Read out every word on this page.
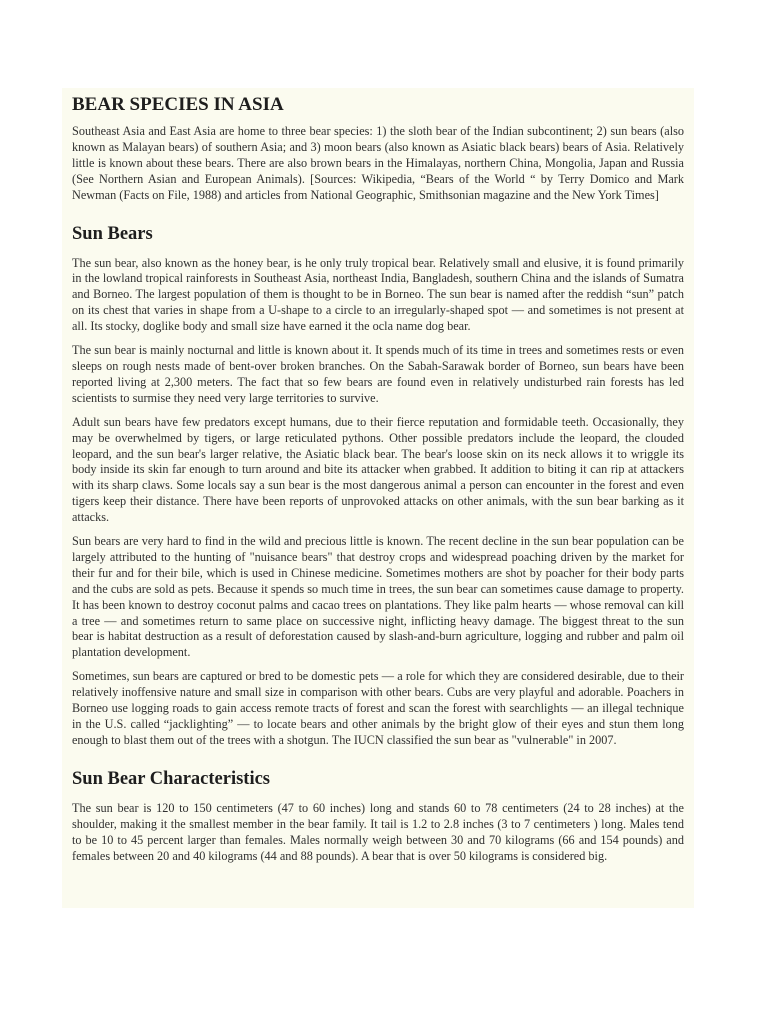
BEAR SPECIES IN ASIA

Southeast Asia and East Asia are home to three bear species: 1) the sloth bear of the Indian subcontinent; 2) sun bears (also known as Malayan bears) of southern Asia; and 3) moon bears (also known as Asiatic black bears) bears of Asia. Relatively little is known about these bears. There are also brown bears in the Himalayas, northern China, Mongolia, Japan and Russia (See Northern Asian and European Animals). [Sources: Wikipedia, “Bears of the World “ by Terry Domico and Mark Newman (Facts on File, 1988) and articles from National Geographic, Smithsonian magazine and the New York Times]

Sun Bears

The sun bear, also known as the honey bear, is he only truly tropical bear. Relatively small and elusive, it is found primarily in the lowland tropical rainforests in Southeast Asia, northeast India, Bangladesh, southern China and the islands of Sumatra and Borneo. The largest population of them is thought to be in Borneo. The sun bear is named after the reddish “sun” patch on its chest that varies in shape from a U-shape to a circle to an irregularly-shaped spot — and sometimes is not present at all. Its stocky, doglike body and small size have earned it the ocla name dog bear.

The sun bear is mainly nocturnal and little is known about it. It spends much of its time in trees and sometimes rests or even sleeps on rough nests made of bent-over broken branches. On the Sabah-Sarawak border of Borneo, sun bears have been reported living at 2,300 meters. The fact that so few bears are found even in relatively undisturbed rain forests has led scientists to surmise they need very large territories to survive.

Adult sun bears have few predators except humans, due to their fierce reputation and formidable teeth. Occasionally, they may be overwhelmed by tigers, or large reticulated pythons. Other possible predators include the leopard, the clouded leopard, and the sun bear's larger relative, the Asiatic black bear. The bear's loose skin on its neck allows it to wriggle its body inside its skin far enough to turn around and bite its attacker when grabbed. It addition to biting it can rip at attackers with its sharp claws. Some locals say a sun bear is the most dangerous animal a person can encounter in the forest and even tigers keep their distance. There have been reports of unprovoked attacks on other animals, with the sun bear barking as it attacks.

Sun bears are very hard to find in the wild and precious little is known. The recent decline in the sun bear population can be largely attributed to the hunting of "nuisance bears" that destroy crops and widespread poaching driven by the market for their fur and for their bile, which is used in Chinese medicine. Sometimes mothers are shot by poacher for their body parts and the cubs are sold as pets. Because it spends so much time in trees, the sun bear can sometimes cause damage to property. It has been known to destroy coconut palms and cacao trees on plantations. They like palm hearts — whose removal can kill a tree — and sometimes return to same place on successive night, inflicting heavy damage. The biggest threat to the sun bear is habitat destruction as a result of deforestation caused by slash-and-burn agriculture, logging and rubber and palm oil plantation development.

Sometimes, sun bears are captured or bred to be domestic pets — a role for which they are considered desirable, due to their relatively inoffensive nature and small size in comparison with other bears. Cubs are very playful and adorable. Poachers in Borneo use logging roads to gain access remote tracts of forest and scan the forest with searchlights — an illegal technique in the U.S. called “jacklighting” — to locate bears and other animals by the bright glow of their eyes and stun them long enough to blast them out of the trees with a shotgun. The IUCN classified the sun bear as "vulnerable" in 2007.

Sun Bear Characteristics

The sun bear is 120 to 150 centimeters (47 to 60 inches) long and stands 60 to 78 centimeters (24 to 28 inches) at the shoulder, making it the smallest member in the bear family. It tail is 1.2 to 2.8 inches (3 to 7 centimeters ) long. Males tend to be 10 to 45 percent larger than females. Males normally weigh between 30 and 70 kilograms (66 and 154 pounds) and females between 20 and 40 kilograms (44 and 88 pounds). A bear that is over 50 kilograms is considered big.
